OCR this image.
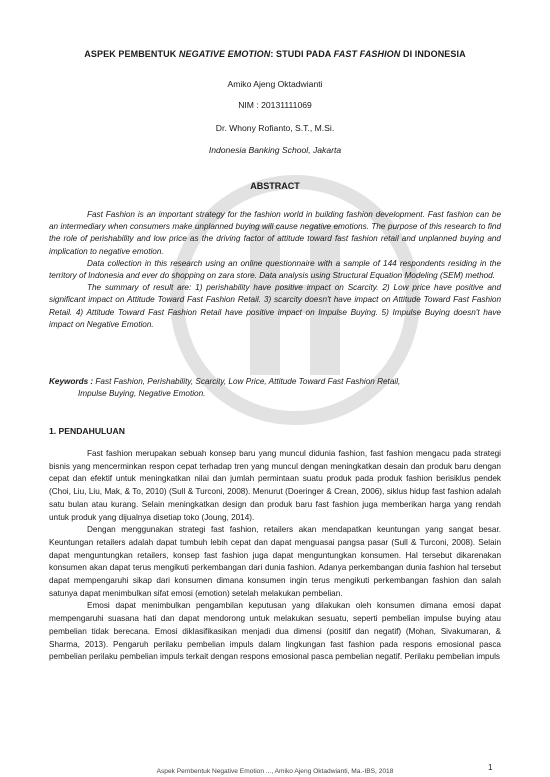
ASPEK PEMBENTUK NEGATIVE EMOTION: STUDI PADA FAST FASHION DI INDONESIA
Amiko Ajeng Oktadwianti
NIM : 20131111069
Dr. Whony Rofianto, S.T., M.Si.
Indonesia Banking School, Jakarta
ABSTRACT

Fast Fashion is an important strategy for the fashion world in building fashion development. Fast fashion can be an intermediary when consumers make unplanned buying will cause negative emotions. The purpose of this research to find the role of perishability and low price as the driving factor of attitude toward fast fashion retail and unplanned buying and implication to negative emotion.

Data collection in this research using an online questionnaire with a sample of 144 respondents residing in the territory of Indonesia and ever do shopping on zara store. Data analysis using Structural Equation Modeling (SEM) method.

The summary of result are: 1) perishability have positive impact on Scarcity. 2) Low price have positive and significant impact on Attitude Toward Fast Fashion Retail. 3) scarcity doesn't have impact on Attitude Toward Fast Fashion Retail. 4) Attitude Toward Fast Fashion Retail have positive impact on Impulse Buying. 5) Impulse Buying doesn't have impact on Negative Emotion.

Keywords : Fast Fashion, Perishability, Scarcity, Low Price, Attitude Toward Fast Fashion Retail,
Impulse Buying, Negative Emotion.
1. PENDAHULUAN

Fast fashion merupakan sebuah konsep baru yang muncul didunia fashion, fast fashion mengacu pada strategi bisnis yang mencerminkan respon cepat terhadap tren yang muncul dengan meningkatkan desain dan produk baru dengan cepat dan efektif untuk meningkatkan nilai dan jumlah permintaan suatu produk pada produk fashion berisiklus pendek (Choi, Liu, Liu, Mak, & To, 2010) (Sull & Turconi, 2008). Menurut (Doeringer & Crean, 2006), siklus hidup fast fashion adalah satu bulan atau kurang. Selain meningkatkan design dan produk baru fast fashion juga memberikan harga yang rendah untuk produk yang dijualnya disetiap toko (Joung, 2014).

Dengan menggunakan strategi fast fashion, retailers akan mendapatkan keuntungan yang sangat besar. Keuntungan retailers adalah dapat tumbuh lebih cepat dan dapat menguasai pangsa pasar (Sull & Turconi, 2008). Selain dapat menguntungkan retailers, konsep fast fashion juga dapat menguntungkan konsumen. Hal tersebut dikarenakan konsumen akan dapat terus mengikuti perkembangan dari dunia fashion. Adanya perkembangan dunia fashion hal tersebut dapat mempengaruhi sikap dari konsumen dimana konsumen ingin terus mengikuti perkembangan fashion dan salah satunya dapat menimbulkan sifat emosi (emotion) setelah melakukan pembelian.

Emosi dapat menimbulkan pengambilan keputusan yang dilakukan oleh konsumen dimana emosi dapat mempengaruhi suasana hati dan dapat mendorong untuk melakukan sesuatu, seperti pembelian impulse buying atau pembelian tidak berecana. Emosi diklasifikasikan menjadi dua dimensi (positif dan negatif) (Mohan, Sivakumaran, & Sharma, 2013). Pengaruh perilaku pembelian impuls dalam lingkungan fast fashion pada respons emosional pasca pembelian perilaku pembelian impuls terkait dengan respons emosional pasca pembelian negatif. Perilaku pembelian impuls

1
Aspek Pembentuk Negative Emotion ..., Amiko Ajeng Oktadwianti, Ma.-IBS, 2018
